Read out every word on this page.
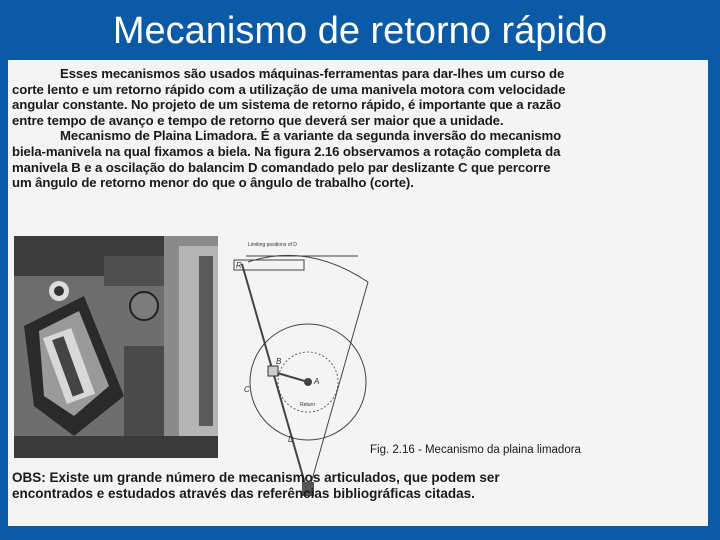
Mecanismo de retorno rápido
Esses mecanismos são usados máquinas-ferramentas para dar-lhes um curso de
corte lento e um retorno rápido com a utilização de uma manivela motora com velocidade
angular constante. No projeto de um sistema de retorno rápido, é importante que a razão
entre tempo de avanço e tempo de retorno que deverá ser maior que a unidade.
Mecanismo de Plaina Limadora. É a variante da segunda inversão do mecanismo
biela-manivela na qual fixamos a biela. Na figura 2.16 observamos a rotação completa da
manivela B e a oscilação do balancim D comandado pelo par deslizante C que percorre
um ângulo de retorno menor do que o ângulo de trabalho (corte).
Limiting positions of D
R
A
B
C
D
Return
Fig. 2.16 - Mecanismo da plaina limadora
OBS: Existe um grande número de mecanismos articulados, que podem ser
encontrados e estudados através das referências bibliográficas citadas.
